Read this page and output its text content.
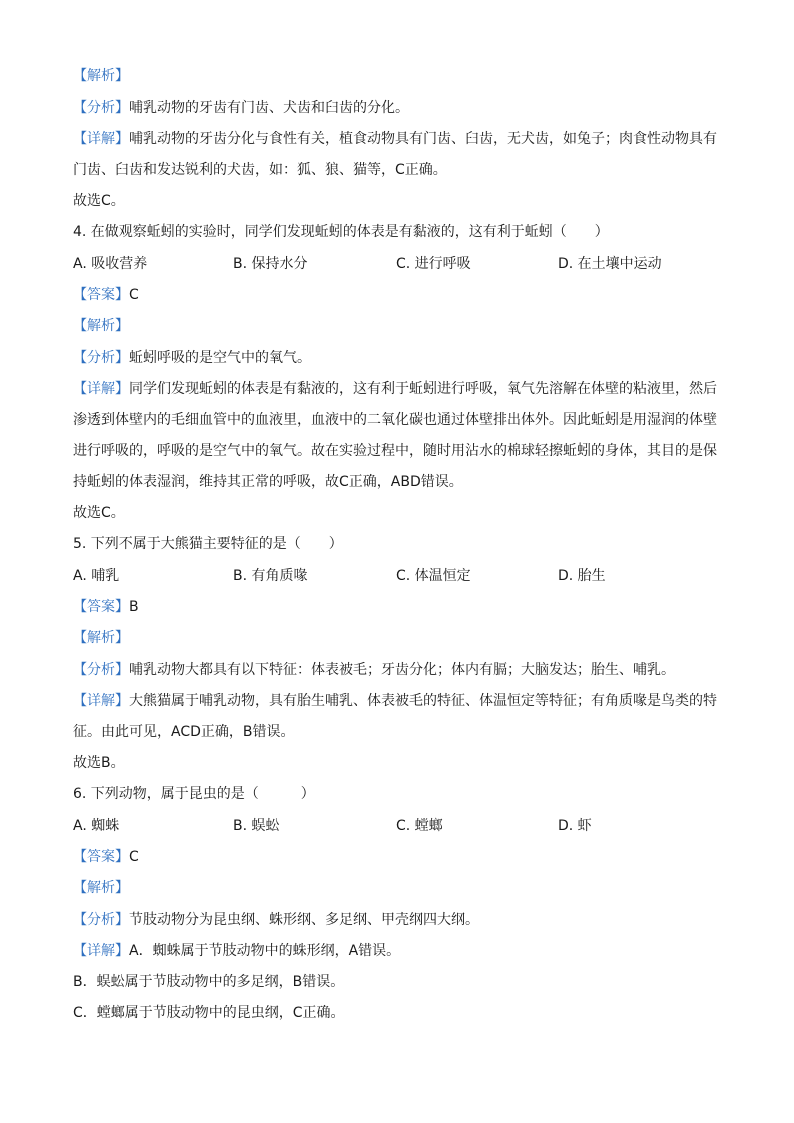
【解析】
【分析】哺乳动物的牙齿有门齿、犬齿和臼齿的分化。
【详解】哺乳动物的牙齿分化与食性有关，植食动物具有门齿、臼齿，无犬齿，如兔子；肉食性动物具有
门齿、臼齿和发达锐利的犬齿，如：狐、狼、猫等，C正确。
故选C。
4. 在做观察蚯蚓的实验时，同学们发现蚯蚓的体表是有黏液的，这有利于蚯蚓（　　）
A. 吸收营养	B. 保持水分	C. 进行呼吸	D. 在土壤中运动
【答案】C
【解析】
【分析】蚯蚓呼吸的是空气中的氧气。
【详解】同学们发现蚯蚓的体表是有黏液的，这有利于蚯蚓进行呼吸，氧气先溶解在体壁的粘液里，然后
渗透到体壁内的毛细血管中的血液里，血液中的二氧化碳也通过体壁排出体外。因此蚯蚓是用湿润的体壁
进行呼吸的，呼吸的是空气中的氧气。故在实验过程中，随时用沾水的棉球轻擦蚯蚓的身体，其目的是保
持蚯蚓的体表湿润，维持其正常的呼吸，故C正确，ABD错误。
故选C。
5. 下列不属于大熊猫主要特征的是（　　）
A. 哺乳	B. 有角质喙	C. 体温恒定	D. 胎生
【答案】B
【解析】
【分析】哺乳动物大都具有以下特征：体表被毛；牙齿分化；体内有膈；大脑发达；胎生、哺乳。
【详解】大熊猫属于哺乳动物，具有胎生哺乳、体表被毛的特征、体温恒定等特征；有角质喙是鸟类的特
征。由此可见，ACD正确，B错误。
故选B。
6. 下列动物，属于昆虫的是（　　　）
A. 蜘蛛	B. 蜈蚣	C. 螳螂	D. 虾
【答案】C
【解析】
【分析】节肢动物分为昆虫纲、蛛形纲、多足纲、甲壳纲四大纲。
【详解】A．蜘蛛属于节肢动物中的蛛形纲，A错误。
B．蜈蚣属于节肢动物中的多足纲，B错误。
C．螳螂属于节肢动物中的昆虫纲，C正确。
